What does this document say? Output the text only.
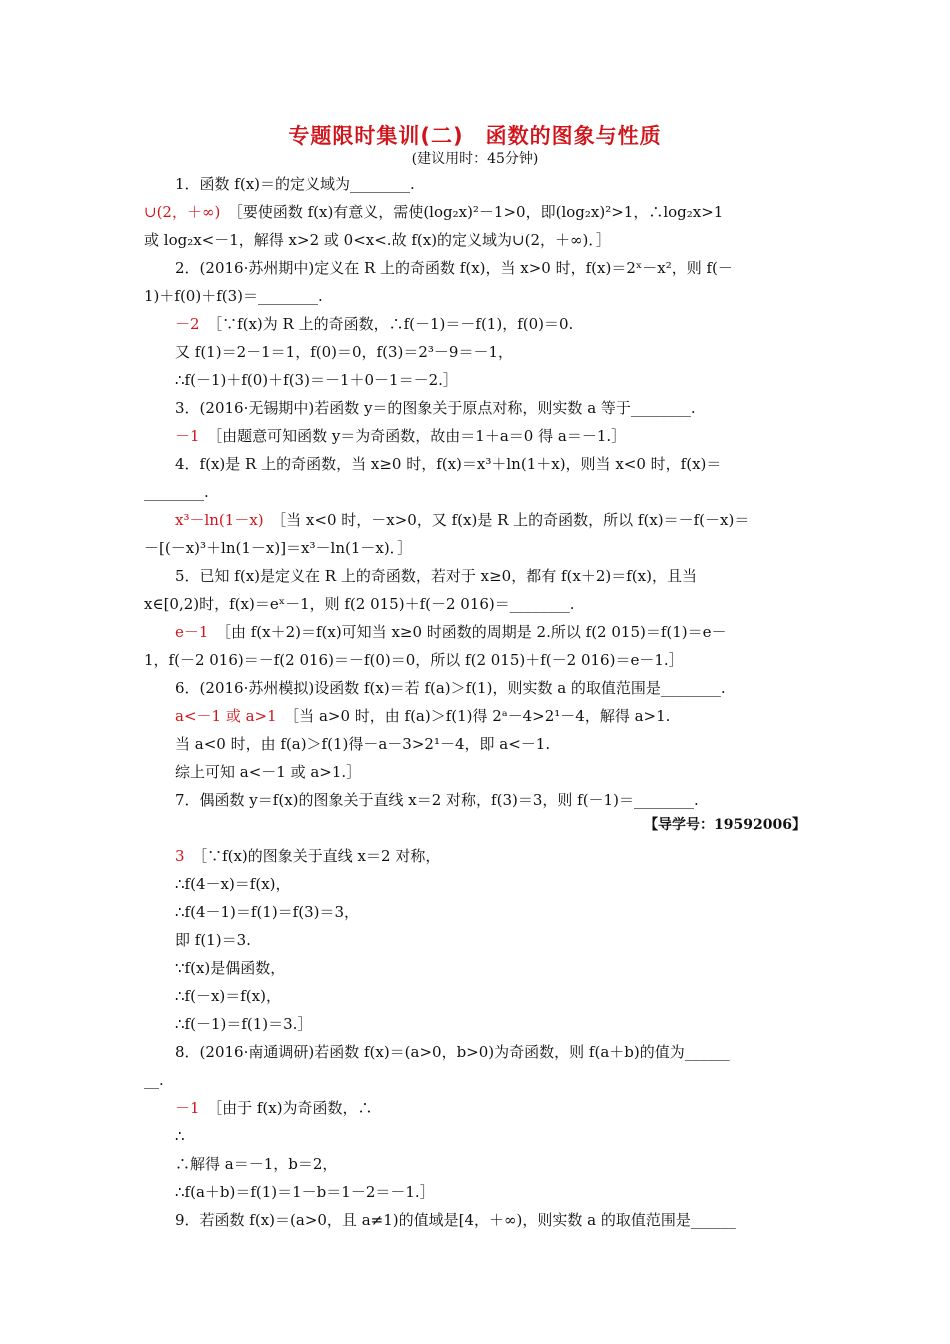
专题限时集训(二)　函数的图象与性质
(建议用时：45分钟)
1．函数 f(x)＝的定义域为________.
∪(2，＋∞)　 ［要使函数 f(x)有意义，需使(log₂x)²－1>0，即(log₂x)²>1，∴log₂x>1
或 log₂x<－1，解得 x>2 或 0<x<.故 f(x)的定义域为∪(2，＋∞)．］
2．(2016·苏州期中)定义在 R 上的奇函数 f(x)，当 x>0 时，f(x)＝2ˣ－x²，则 f(－
1)＋f(0)＋f(3)＝________.
－2　 ［∵f(x)为 R 上的奇函数，∴f(－1)＝－f(1)，f(0)＝0.
又 f(1)＝2－1＝1，f(0)＝0，f(3)＝2³－9＝－1，
∴f(－1)＋f(0)＋f(3)＝－1＋0－1＝－2.］
3．(2016·无锡期中)若函数 y＝的图象关于原点对称，则实数 a 等于________.
－1　 ［由题意可知函数 y＝为奇函数，故由＝1＋a＝0 得 a＝－1.］
4．f(x)是 R 上的奇函数，当 x≥0 时，f(x)＝x³＋ln(1＋x)，则当 x<0 时，f(x)＝
________.
x³－ln(1－x)　 ［当 x<0 时，－x>0，又 f(x)是 R 上的奇函数，所以 f(x)＝－f(－x)＝
－[(－x)³＋ln(1－x)]＝x³－ln(1－x)．］
5．已知 f(x)是定义在 R 上的奇函数，若对于 x≥0，都有 f(x＋2)＝f(x)，且当
x∈[0,2)时，f(x)＝eˣ－1，则 f(2 015)＋f(－2 016)＝________.
e－1　 ［由 f(x＋2)＝f(x)可知当 x≥0 时函数的周期是 2.所以 f(2 015)＝f(1)＝e－
1，f(－2 016)＝－f(2 016)＝－f(0)＝0，所以 f(2 015)＋f(－2 016)＝e－1.］
6．(2016·苏州模拟)设函数 f(x)＝若 f(a)＞f(1)，则实数 a 的取值范围是________.
a<－1 或 a>1　 ［当 a>0 时，由 f(a)＞f(1)得 2ᵃ－4>2¹－4，解得 a>1.
当 a<0 时，由 f(a)＞f(1)得－a－3>2¹－4，即 a<－1.
综上可知 a<－1 或 a>1.］
7．偶函数 y＝f(x)的图象关于直线 x＝2 对称，f(3)＝3，则 f(－1)＝________.
3　 ［∵f(x)的图象关于直线 x＝2 对称，
∴f(4－x)＝f(x)，
∴f(4－1)＝f(1)＝f(3)＝3，
即 f(1)＝3.
∵f(x)是偶函数，
∴f(－x)＝f(x)，
∴f(－1)＝f(1)＝3.］
8．(2016·南通调研)若函数 f(x)＝(a>0，b>0)为奇函数，则 f(a＋b)的值为______
__.
－1　 ［由于 f(x)为奇函数，∴
∴
∴解得 a＝－1，b＝2，
∴f(a＋b)＝f(1)＝1－b＝1－2＝－1.］
9．若函数 f(x)＝(a>0，且 a≠1)的值域是[4，＋∞)，则实数 a 的取值范围是______
【导学号：19592006】
